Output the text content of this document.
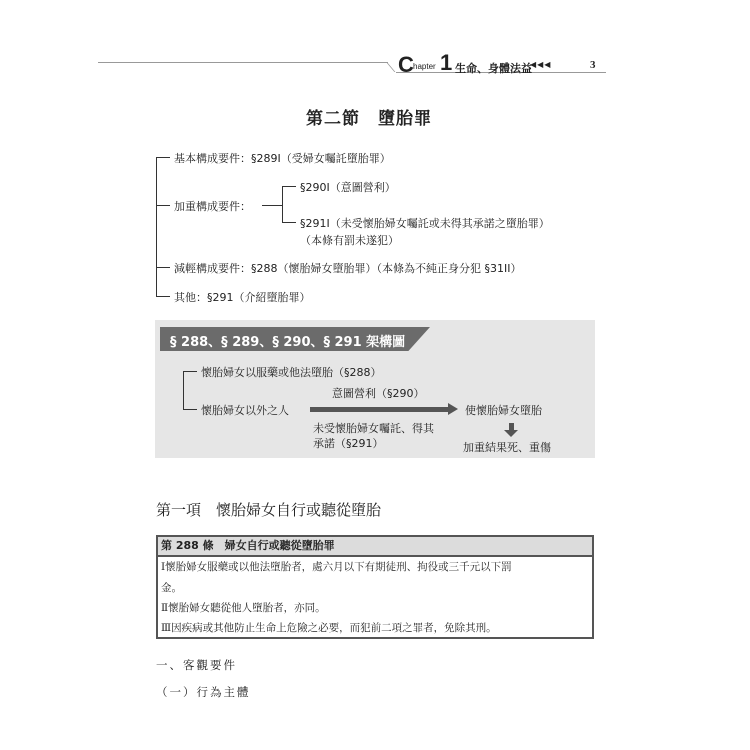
C hapter 1 生命、身體法益
◀◀◀	3
第二節　墮胎罪
基本構成要件：§289I（受婦女囑託墮胎罪）
加重構成要件：
§290I（意圖營利）
§291I（未受懷胎婦女囑託或未得其承諾之墮胎罪）
（本條有罰未遂犯）
減輕構成要件：§288（懷胎婦女墮胎罪）（本條為不純正身分犯 §31II）
其他：§291（介紹墮胎罪）
§ 288、§ 289、§ 290、§ 291 架構圖
懷胎婦女以服藥或他法墮胎（§288）
意圖營利（§290）
懷胎婦女以外之人
未受懷胎婦女囑託、得其
承諾（§291）
使懷胎婦女墮胎
加重結果死、重傷
第一項　懷胎婦女自行或聽從墮胎
第 288 條　婦女自行或聽從墮胎罪
Ⅰ懷胎婦女服藥或以他法墮胎者，處六月以下有期徒刑、拘役或三千元以下罰
金。
Ⅱ懷胎婦女聽從他人墮胎者，亦同。
Ⅲ因疾病或其他防止生命上危險之必要，而犯前二項之罪者，免除其刑。
一、客觀要件
（一）行為主體
